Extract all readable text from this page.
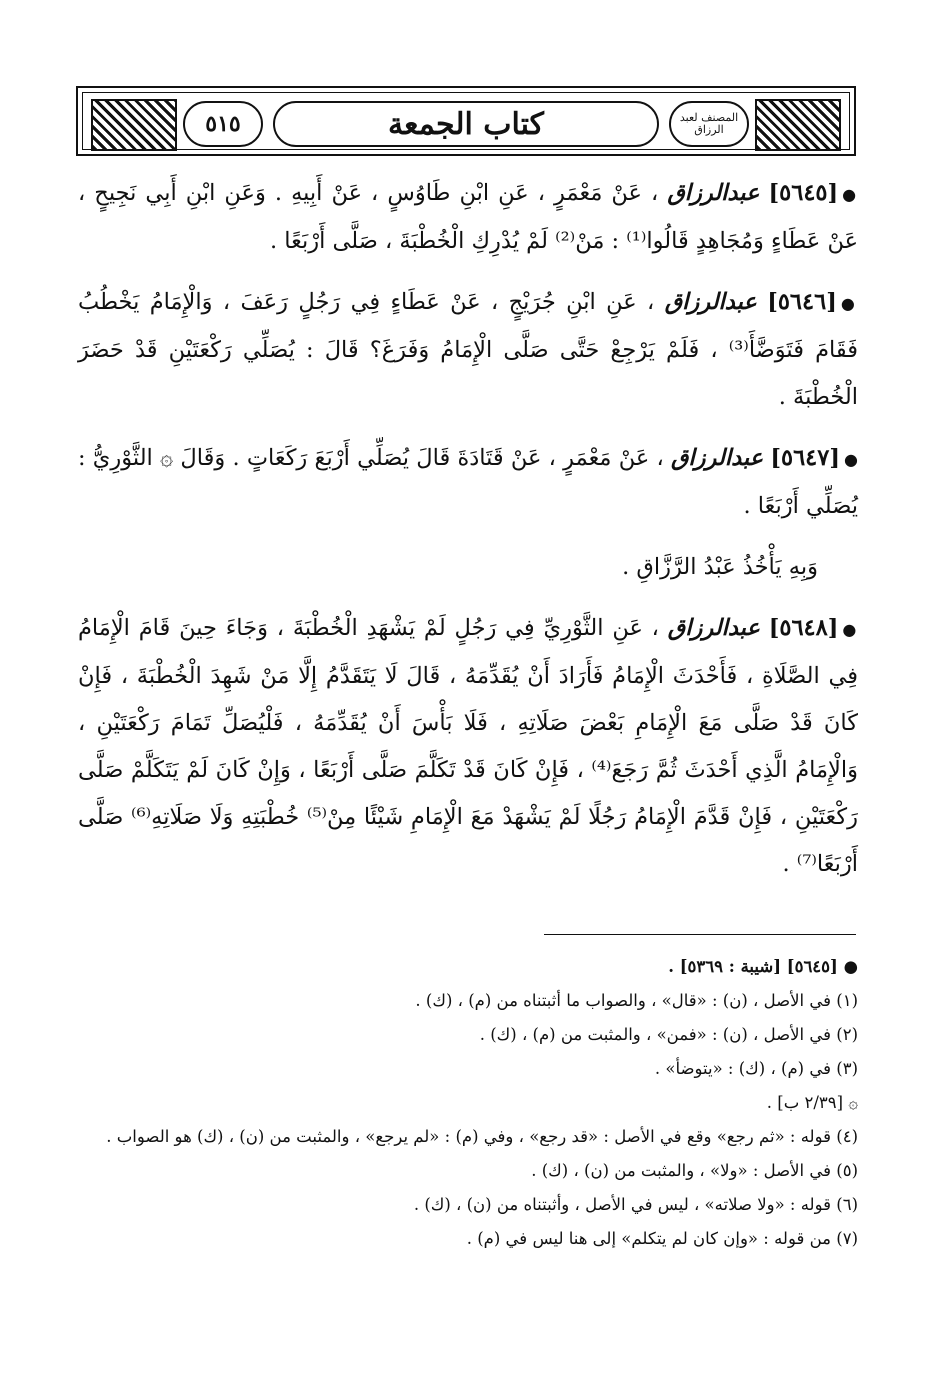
٥١٥	كتاب الجمعة	المصنف لعبد الرزاق

●[٥٦٤٥] عبدالرزاق ، عَنْ مَعْمَرٍ ، عَنِ ابْنِ طَاوُسٍ ، عَنْ أَبِيهِ . وَعَنِ ابْنِ أَبِي نَجِيحٍ ، عَنْ عَطَاءٍ وَمُجَاهِدٍ قَالُوا⁽¹⁾ : مَنْ⁽²⁾ لَمْ يُدْرِكِ الْخُطْبَةَ ، صَلَّى أَرْبَعًا .

●[٥٦٤٦] عبدالرزاق ، عَنِ ابْنِ جُرَيْجٍ ، عَنْ عَطَاءٍ فِي رَجُلٍ رَعَفَ ، وَالْإِمَامُ يَخْطُبُ فَقَامَ فَتَوَضَّأَ⁽³⁾ ، فَلَمْ يَرْجِعْ حَتَّى صَلَّى الْإِمَامُ وَفَرَغَ؟ قَالَ : يُصَلِّي رَكْعَتَيْنِ قَدْ حَضَرَ الْخُطْبَةَ .

●[٥٦٤٧] عبدالرزاق ، عَنْ مَعْمَرٍ ، عَنْ قَتَادَةَ قَالَ يُصَلِّي أَرْبَعَ رَكَعَاتٍ . وَقَالَ ۞ الثَّوْرِيُّ : يُصَلِّي أَرْبَعًا .

وَبِهِ يَأْخُذُ عَبْدُ الرَّزَّاقِ .

●[٥٦٤٨] عبدالرزاق ، عَنِ الثَّوْرِيِّ فِي رَجُلٍ لَمْ يَشْهَدِ الْخُطْبَةَ ، وَجَاءَ حِينَ قَامَ الْإِمَامُ فِي الصَّلَاةِ ، فَأَحْدَثَ الْإِمَامُ فَأَرَادَ أَنْ يُقَدِّمَهُ ، قَالَ لَا يَتَقَدَّمُ إِلَّا مَنْ شَهِدَ الْخُطْبَةَ ، فَإِنْ كَانَ قَدْ صَلَّى مَعَ الْإِمَامِ بَعْضَ صَلَاتِهِ ، فَلَا بَأْسَ أَنْ يُقَدِّمَهُ ، فَلْيُصَلِّ تَمَامَ رَكْعَتَيْنِ ، وَالْإِمَامُ الَّذِي أَحْدَثَ ثُمَّ رَجَعَ⁽⁴⁾ ، فَإِنْ كَانَ قَدْ تَكَلَّمَ صَلَّى أَرْبَعًا ، وَإِنْ كَانَ لَمْ يَتَكَلَّمْ صَلَّى رَكْعَتَيْنِ ، فَإِنْ قَدَّمَ الْإِمَامُ رَجُلًا لَمْ يَشْهَدْ مَعَ الْإِمَامِ شَيْئًا مِنْ⁽⁵⁾ خُطْبَتِهِ وَلَا صَلَاتِهِ⁽⁶⁾ صَلَّى أَرْبَعًا⁽⁷⁾ .

● [٥٦٤٥] [شيبة : ٥٣٦٩] .

(١) في الأصل ، (ن) : «قال» ، والصواب ما أثبتناه من (م) ، (ك) .

(٢) في الأصل ، (ن) : «فمن» ، والمثبت من (م) ، (ك) .

(٣) في (م) ، (ك) : «يتوضأ» .

۞ [٢/٣٩ ب] .

(٤) قوله : «ثم رجع» وقع في الأصل : «قد رجع» ، وفي (م) : «لم يرجع» ، والمثبت من (ن) ، (ك) هو الصواب .

(٥) في الأصل : «ولا» ، والمثبت من (ن) ، (ك) .

(٦) قوله : «ولا صلاته» ، ليس في الأصل ، وأثبتناه من (ن) ، (ك) .

(٧) من قوله : «وإن كان لم يتكلم» إلى هنا ليس في (م) .
